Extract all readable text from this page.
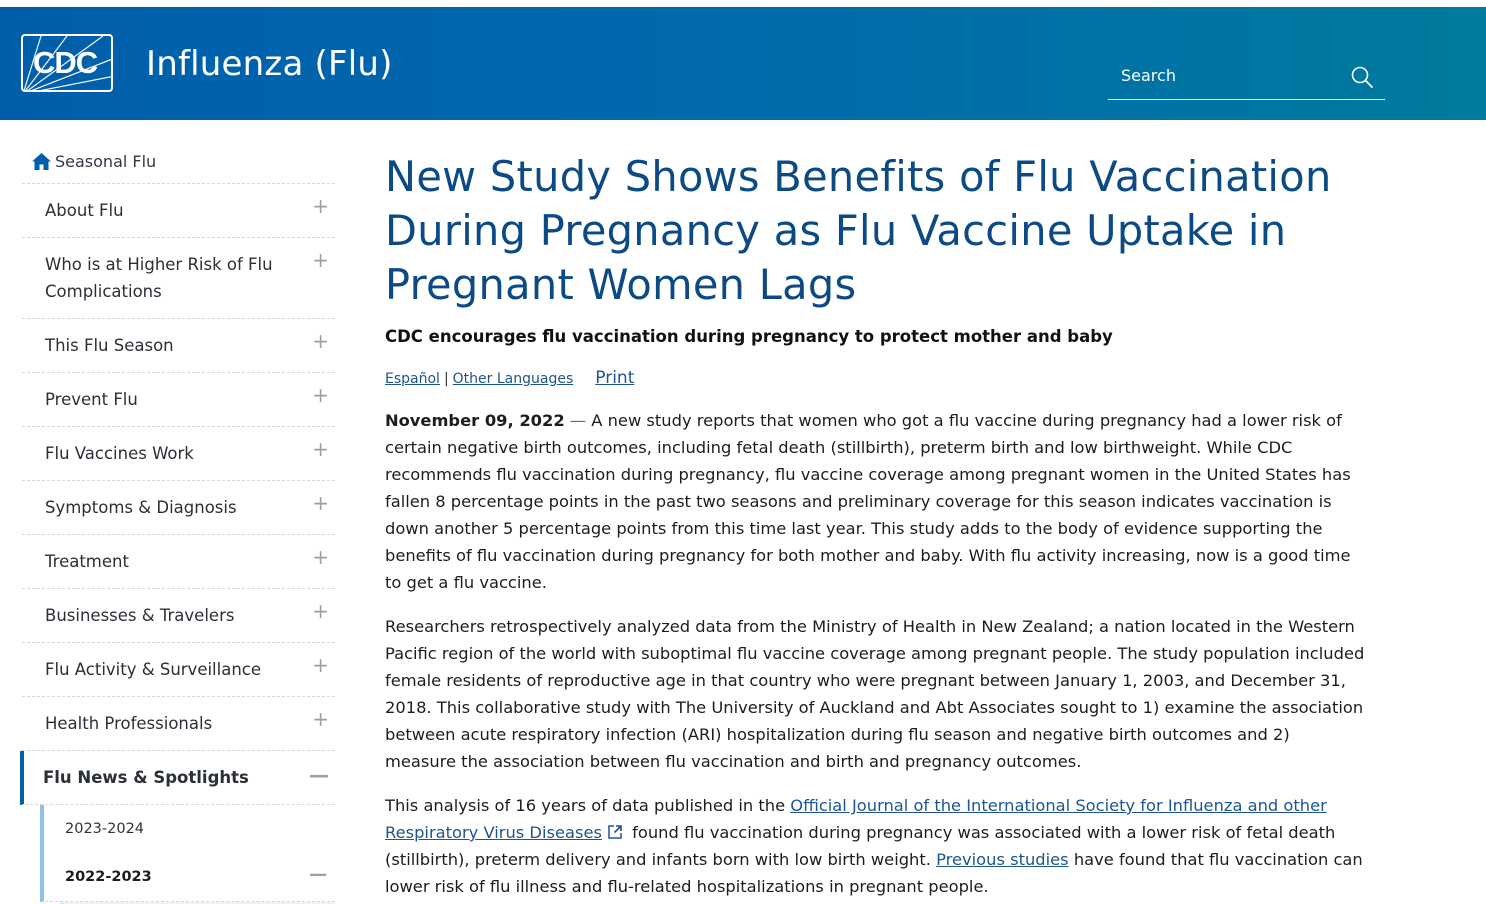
CDC Influenza (Flu)
Search
Seasonal Flu
About Flu	+
Who is at Higher Risk of Flu Complications
+
This Flu Season	+
Prevent Flu	+
Flu Vaccines Work	+
Symptoms & Diagnosis	+
Treatment	+
Businesses & Travelers	+
Flu Activity & Surveillance	+
Health Professionals	+
Flu News & Spotlights	—
2023-2024
2022-2023	—
New Study Shows Benefits of Flu Vaccination During Pregnancy as Flu Vaccine Uptake in Pregnant Women Lags
CDC encourages flu vaccination during pregnancy to protect mother and baby
Español | Other Languages Print

November 09, 2022 — A new study reports that women who got a flu vaccine during pregnancy had a lower risk of certain negative birth outcomes, including fetal death (stillbirth), preterm birth and low birthweight. While CDC recommends flu vaccination during pregnancy, flu vaccine coverage among pregnant women in the United States has fallen 8 percentage points in the past two seasons and preliminary coverage for this season indicates vaccination is down another 5 percentage points from this time last year. This study adds to the body of evidence supporting the benefits of flu vaccination during pregnancy for both mother and baby. With flu activity increasing, now is a good time to get a flu vaccine.

Researchers retrospectively analyzed data from the Ministry of Health in New Zealand; a nation located in the Western Pacific region of the world with suboptimal flu vaccine coverage among pregnant people. The study population included female residents of reproductive age in that country who were pregnant between January 1, 2003, and December 31, 2018. This collaborative study with The University of Auckland and Abt Associates sought to 1) examine the association between acute respiratory infection (ARI) hospitalization during flu season and negative birth outcomes and 2) measure the association between flu vaccination and birth and pregnancy outcomes.

This analysis of 16 years of data published in the Official Journal of the International Society for Influenza and other Respiratory Virus Diseases found flu vaccination during pregnancy was associated with a lower risk of fetal death (stillbirth), preterm delivery and infants born with low birth weight. Previous studies have found that flu vaccination can lower risk of flu illness and flu-related hospitalizations in pregnant people.
